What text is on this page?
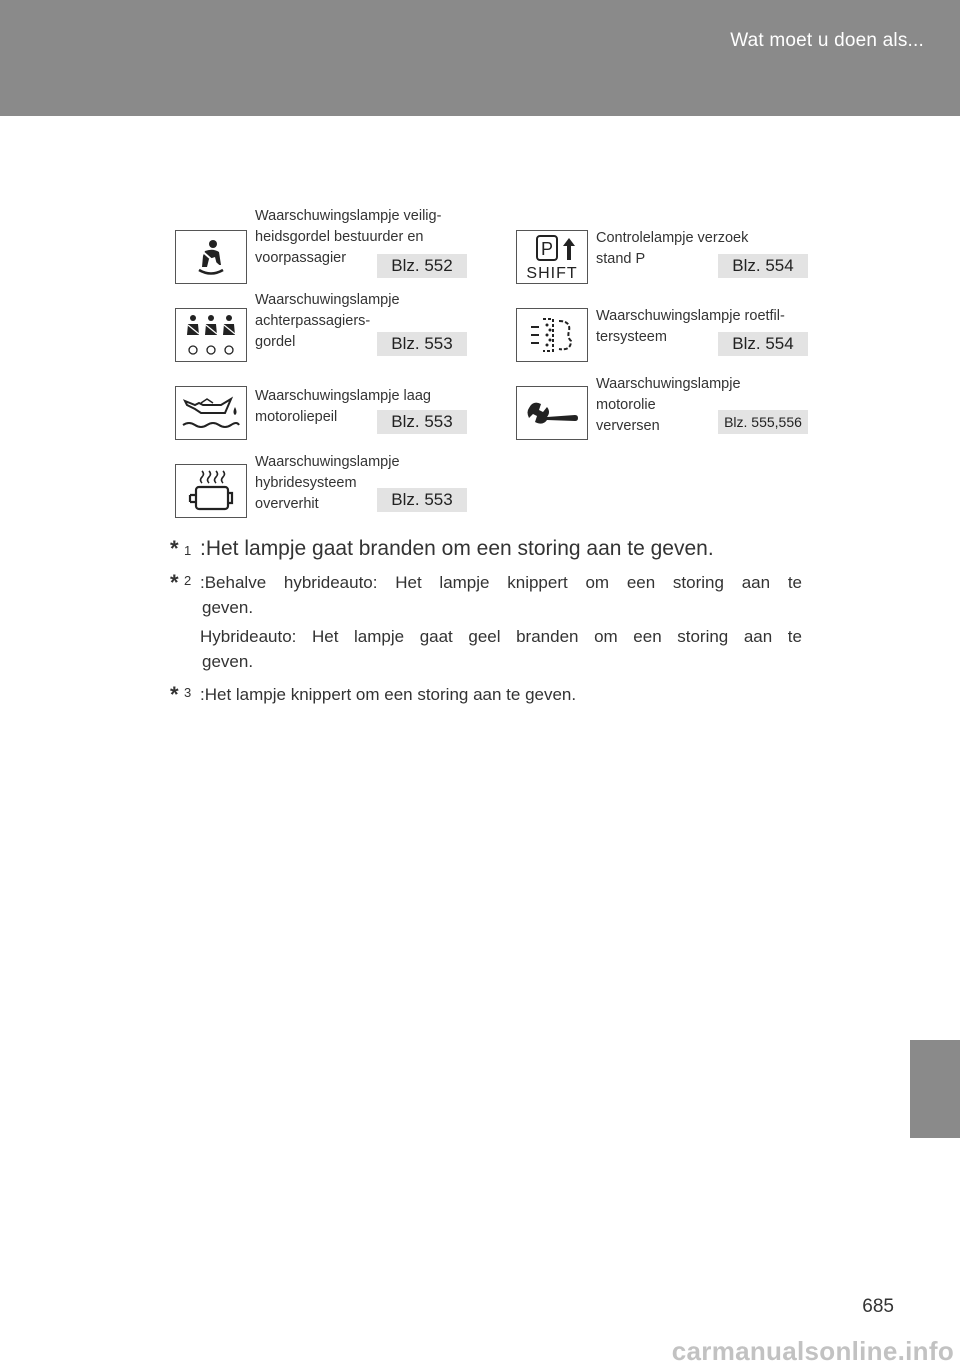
Wat moet u doen als...
Waarschuwingslampje veilig-
heidsgordel bestuurder en
voorpassagier	Blz. 552
P
SHIFT
Controlelampje verzoek
stand P	Blz. 554
Waarschuwingslampje
achterpassagiers-
gordel	Blz. 553
Waarschuwingslampje roetfil-
tersysteem	Blz. 554
Waarschuwingslampje laag
motoroliepeil	Blz. 553
Waarschuwingslampje
motorolie
verversen	Blz. 555,556
Waarschuwingslampje
hybridesysteem
oververhit	Blz. 553
* 1 :Het lampje gaat branden om een storing aan te geven.
* 2 :Behalve hybrideauto: Het lampje knippert om een storing aan te
geven.
Hybrideauto: Het lampje gaat geel branden om een storing aan te
geven.
* 3 :Het lampje knippert om een storing aan te geven.
685
carmanualsonline.info
